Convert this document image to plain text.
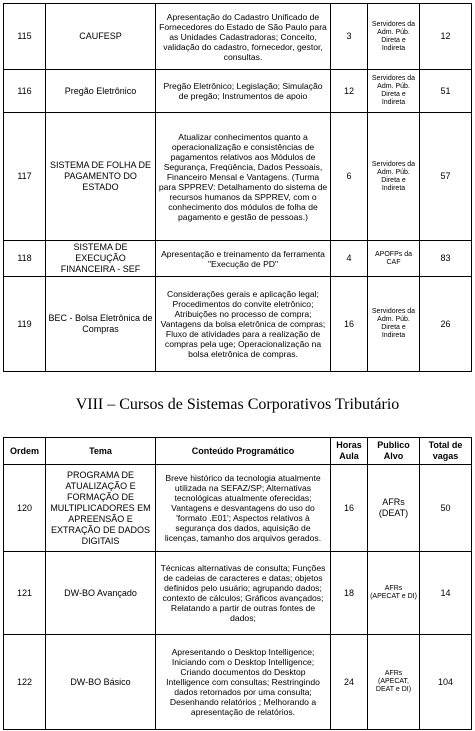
115	CAUFESP	Apresentação do Cadastro Unificado de Fornecedores do Estado de São Paulo para as Unidades Cadastradoras; Conceito, validação do cadastro, fornecedor, gestor, consultas.	3	Servidores da Adm. Púb. Direta e Indireta	12
116	Pregão Eletrônico	Pregão Eletrônico; Legislação; Simulação de pregão; Instrumentos de apoio	12	Servidores da Adm. Púb. Direta e Indireta	51
117	SISTEMA DE FOLHA DE PAGAMENTO DO ESTADO	Atualizar conhecimentos quanto a operacionalização e consistências de pagamentos relativos aos Módulos de Segurança, Freqüência, Dados Pessoais, Financeiro Mensal e Vantagens. (Turma para SPPREV: Detalhamento do sistema de recursos humanos da SPPREV, com o conhecimento dos módulos de folha de pagamento e gestão de pessoas.)	6	Servidores da Adm. Púb. Direta e Indireta	57
118	SISTEMA DE EXECUÇÃO FINANCEIRA - SEF	Apresentação e treinamento da ferramenta "Execução de PD"	4	APOFPs da CAF	83
119	BEC - Bolsa Eletrônica de Compras	Considerações gerais e aplicação legal; Procedimentos do convite eletrônico; Atribuições no processo de compra; Vantagens da bolsa eletrônica de compras; Fluxo de atividades para a realização de compras pela uge; Operacionalização na bolsa eletrônica de compras.	16	Servidores da Adm. Púb. Direta e Indireta	26
VIII – Cursos de Sistemas Corporativos Tributário
Ordem	Tema	Conteúdo Programático	Horas Aula	Publico Alvo	Total de vagas
120	PROGRAMA DE ATUALIZAÇÃO E FORMAÇÃO DE MULTIPLICADORES EM APREENSÃO E EXTRAÇÃO DE DADOS DIGITAIS	Breve histórico da tecnologia atualmente utilizada na SEFAZ/SP; Alternativas tecnológicas atualmente oferecidas; Vantagens e desvantagens do uso do 'formato .E01'; Aspectos relativos à segurança dos dados, aquisição de licenças, tamanho dos arquivos gerados.	16	AFRs (DEAT)	50
121	DW-BO Avançado	Técnicas alternativas de consulta; Funções de cadeias de caracteres e datas; objetos definidos pelo usuário; agrupando dados; contexto de cálculos; Gráficos avançados; Relatando a partir de outras fontes de dados;	18	AFRs (APECAT e DI)	14
122	DW-BO Básico	Apresentando o Desktop Intelligence; Iniciando com o Desktop Intelligence; Criando documentos do Desktop Intelligence com consultas; Restringindo dados retornados por uma consulta; Desenhando relatórios ; Melhorando a apresentação de relatórios.	24	AFRs (APECAT, DEAT e DI)	104
